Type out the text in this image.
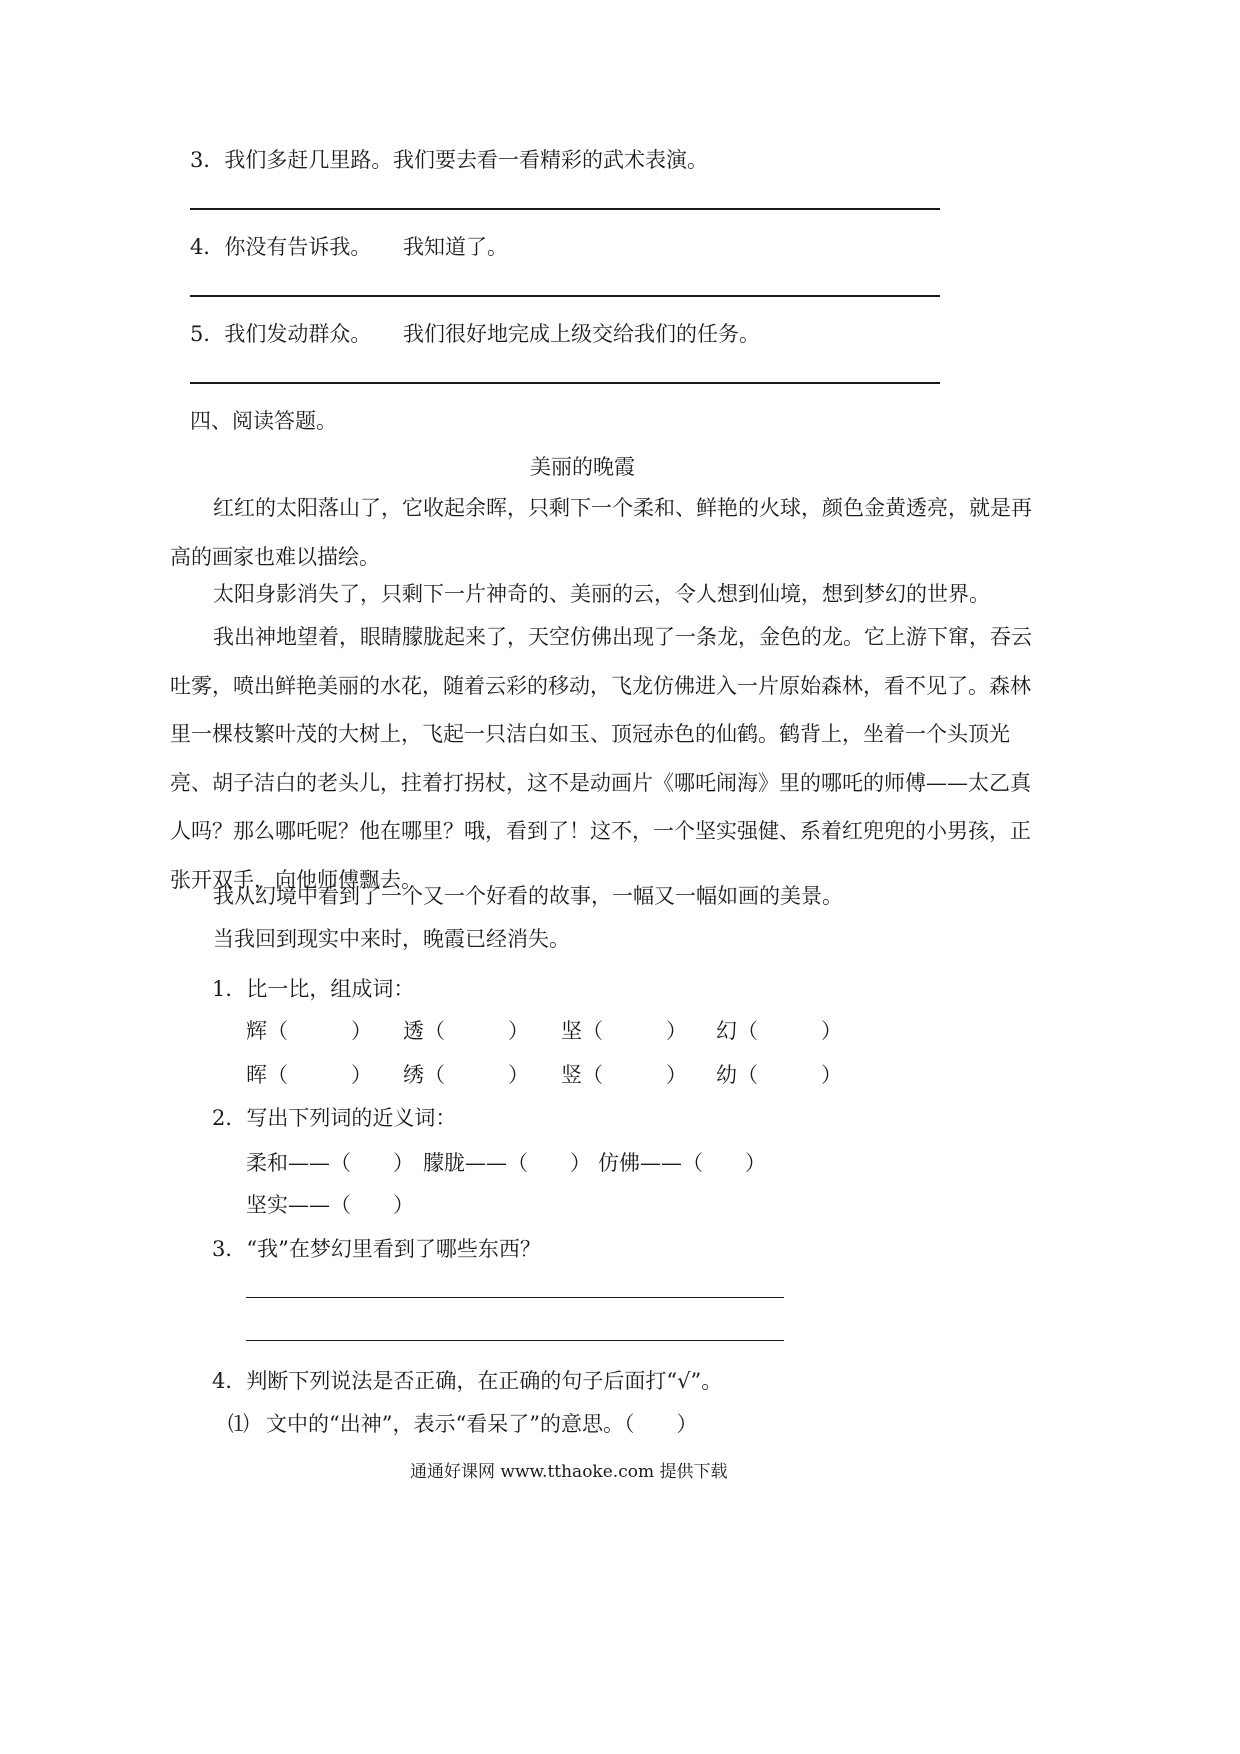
3．我们多赶几里路。 我们要去看一看精彩的武术表演。
4．你没有告诉我。 我知道了。
5．我们发动群众。 我们很好地完成上级交给我们的任务。
四、阅读答题。
美丽的晚霞
红红的太阳落山了，它收起余晖，只剩下一个柔和、鲜艳的火球，颜色金黄透亮，就是再高的画家也难以描绘。
太阳身影消失了，只剩下一片神奇的、美丽的云，令人想到仙境，想到梦幻的世界。
我出神地望着，眼睛朦胧起来了，天空仿佛出现了一条龙，金色的龙。它上游下窜，吞云吐雾，喷出鲜艳美丽的水花，随着云彩的移动，飞龙仿佛进入一片原始森林，看不见了。森林里一棵枝繁叶茂的大树上，飞起一只洁白如玉、顶冠赤色的仙鹤。鹤背上，坐着一个头顶光亮、胡子洁白的老头儿，拄着打拐杖，这不是动画片《哪吒闹海》里的哪吒的师傅——太乙真人吗？那么哪吒呢？他在哪里？哦，看到了！这不，一个坚实强健、系着红兜兜的小男孩，正张开双手，向他师傅飘去。
我从幻境中看到了一个又一个好看的故事，一幅又一幅如画的美景。
当我回到现实中来时，晚霞已经消失。
1．比一比，组成词：
辉（　　　） 透（　　　） 坚（　　　） 幻（　　　）
晖（　　　） 绣（　　　） 竖（　　　） 幼（　　　）
2．写出下列词的近义词：
柔和——（　　） 朦胧——（　　） 仿佛——（　　）
坚实——（　　）
3．“我”在梦幻里看到了哪些东西？
4．判断下列说法是否正确，在正确的句子后面打“√”。
⑴ 文中的“出神”，表示“看呆了”的意思。（　　）
通通好课网 www.tthaoke.com 提供下载
